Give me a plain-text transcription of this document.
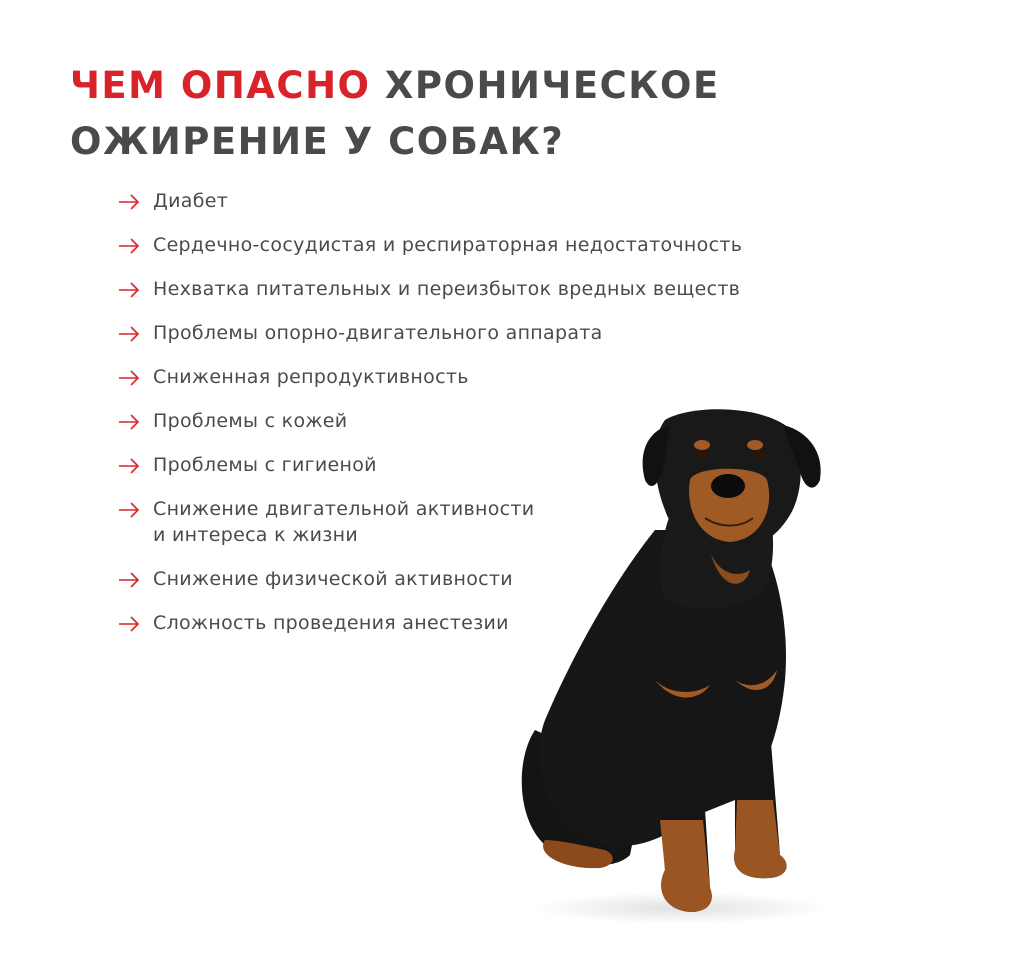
ЧЕМ ОПАСНО ХРОНИЧЕСКОЕ
ОЖИРЕНИЕ У СОБАК?
Диабет
Сердечно-сосудистая и респираторная недостаточность
Нехватка питательных и переизбыток вредных веществ
Проблемы опорно-двигательного аппарата
Сниженная репродуктивность
Проблемы с кожей
Проблемы с гигиеной
Снижение двигательной активности
и интереса к жизни
Снижение физической активности
Сложность проведения анестезии
